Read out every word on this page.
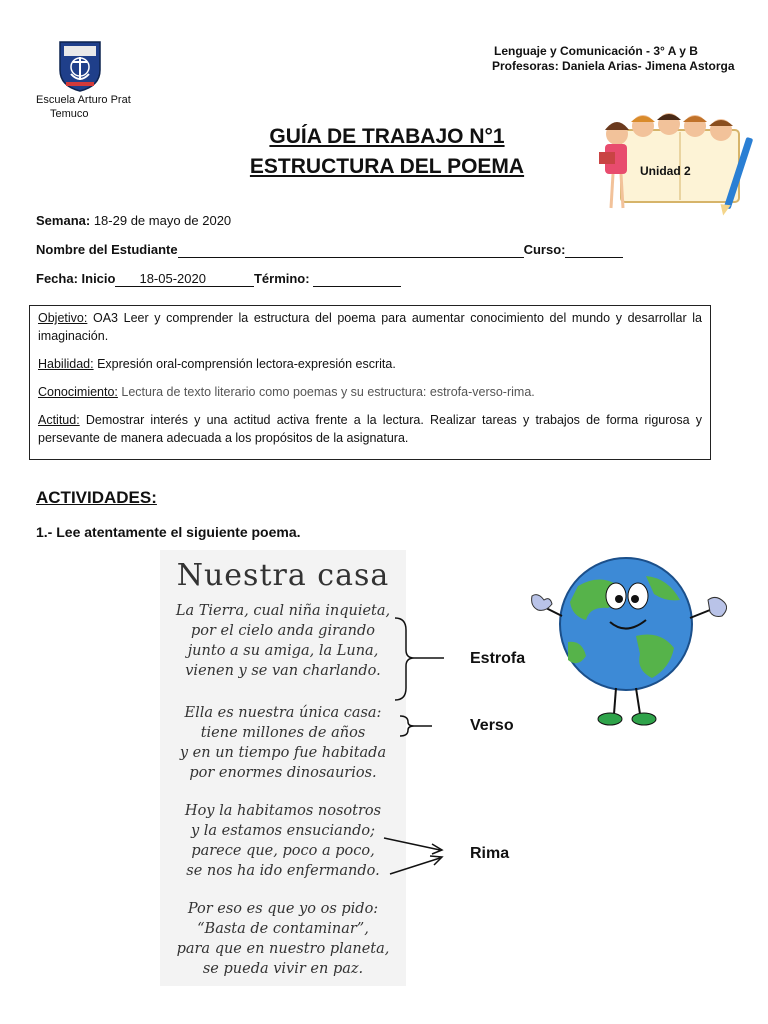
Escuela Arturo Prat
Temuco
Lenguaje y Comunicación - 3° A y B
Profesoras: Daniela Arias- Jimena Astorga
GUÍA DE TRABAJO N°1
ESTRUCTURA DEL POEMA	Unidad 2
Semana: 18-29 de mayo de 2020
Nombre del Estudiante	Curso:
Fecha: Inicio 18-05-2020	Término:

Objetivo: OA3 Leer y comprender la estructura del poema para aumentar conocimiento del mundo y desarrollar la imaginación.

Habilidad: Expresión oral-comprensión lectora-expresión escrita.

Conocimiento: Lectura de texto literario como poemas y su estructura: estrofa-verso-rima.

Actitud: Demostrar interés y una actitud activa frente a la lectura. Realizar tareas y trabajos de forma rigurosa y persevante de manera adecuada a los propósitos de la asignatura.

ACTIVIDADES:
1.- Lee atentamente el siguiente poema.
Nuestra casa
La Tierra, cual niña inquieta,
por el cielo anda girando
junto a su amiga, la Luna,
vienen y se van charlando.
Ella es nuestra única casa:
tiene millones de años
y en un tiempo fue habitada
por enormes dinosaurios.
Hoy la habitamos nosotros
y la estamos ensuciando;
parece que, poco a poco,
se nos ha ido enfermando.
Por eso es que yo os pido:
“Basta de contaminar”,
para que en nuestro planeta,
se pueda vivir en paz.
Estrofa
Verso
Rima
